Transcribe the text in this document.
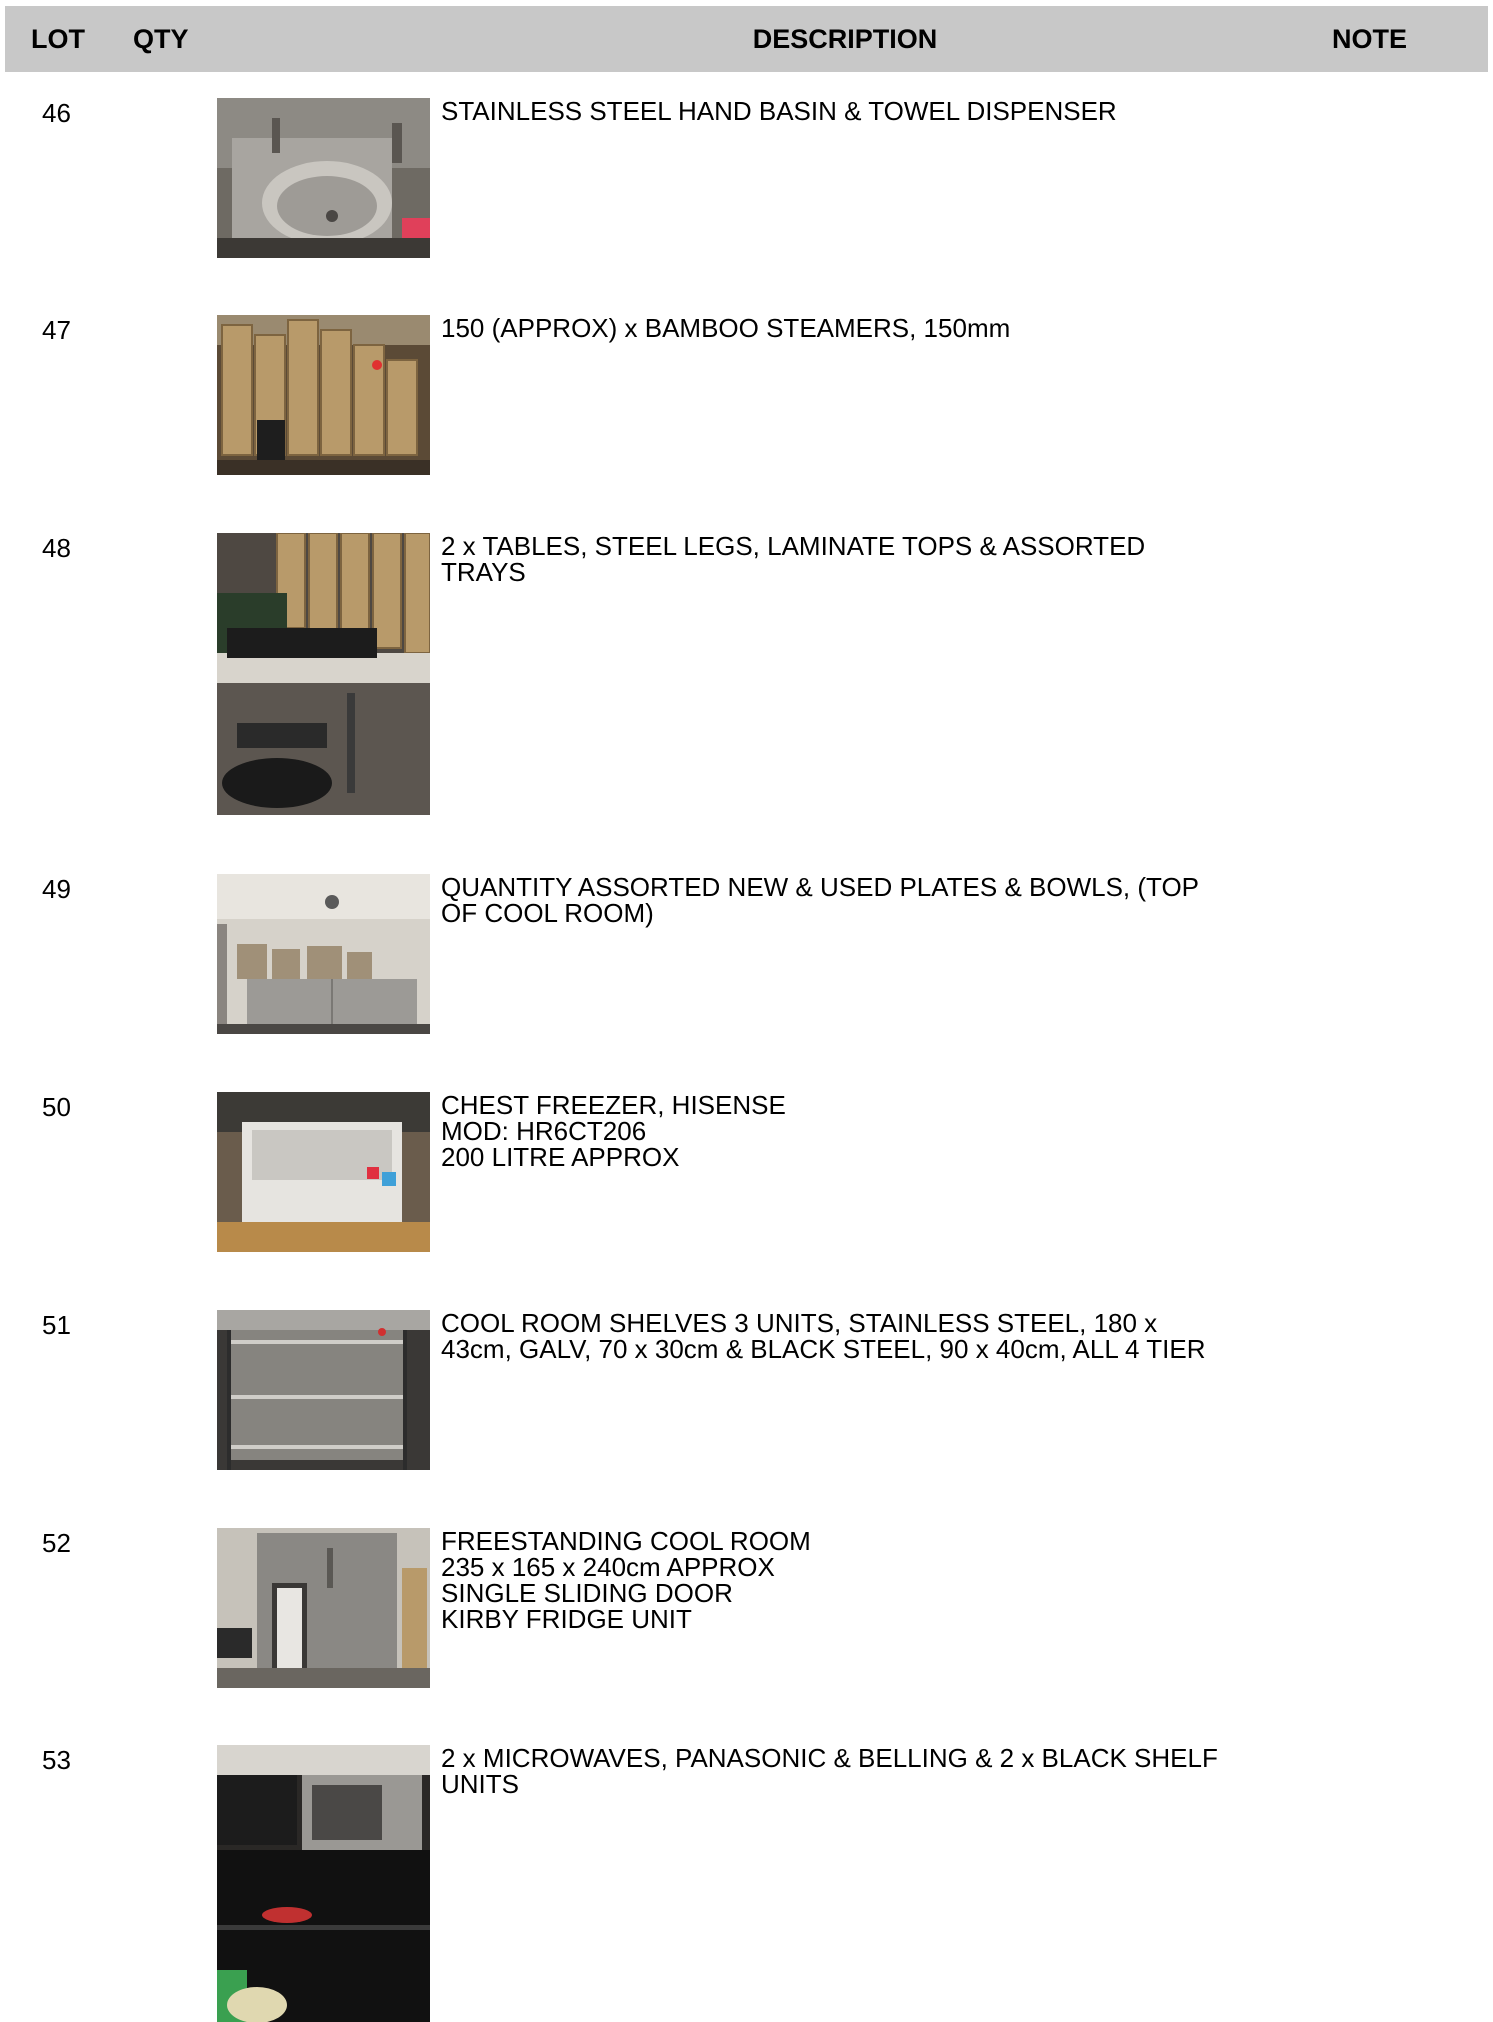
LOT QTY	DESCRIPTION	NOTE
46	STAINLESS STEEL HAND BASIN & TOWEL DISPENSER
47	150 (APPROX) x BAMBOO STEAMERS, 150mm
48	2 x TABLES, STEEL LEGS, LAMINATE TOPS & ASSORTED
TRAYS
49	QUANTITY ASSORTED NEW & USED PLATES & BOWLS, (TOP
OF COOL ROOM)
50	CHEST FREEZER, HISENSE
MOD: HR6CT206
200 LITRE APPROX
51	COOL ROOM SHELVES 3 UNITS, STAINLESS STEEL, 180 x
43cm, GALV, 70 x 30cm & BLACK STEEL, 90 x 40cm, ALL 4 TIER
52	FREESTANDING COOL ROOM
235 x 165 x 240cm APPROX
SINGLE SLIDING DOOR
KIRBY FRIDGE UNIT
53	2 x MICROWAVES, PANASONIC & BELLING & 2 x BLACK SHELF
UNITS
